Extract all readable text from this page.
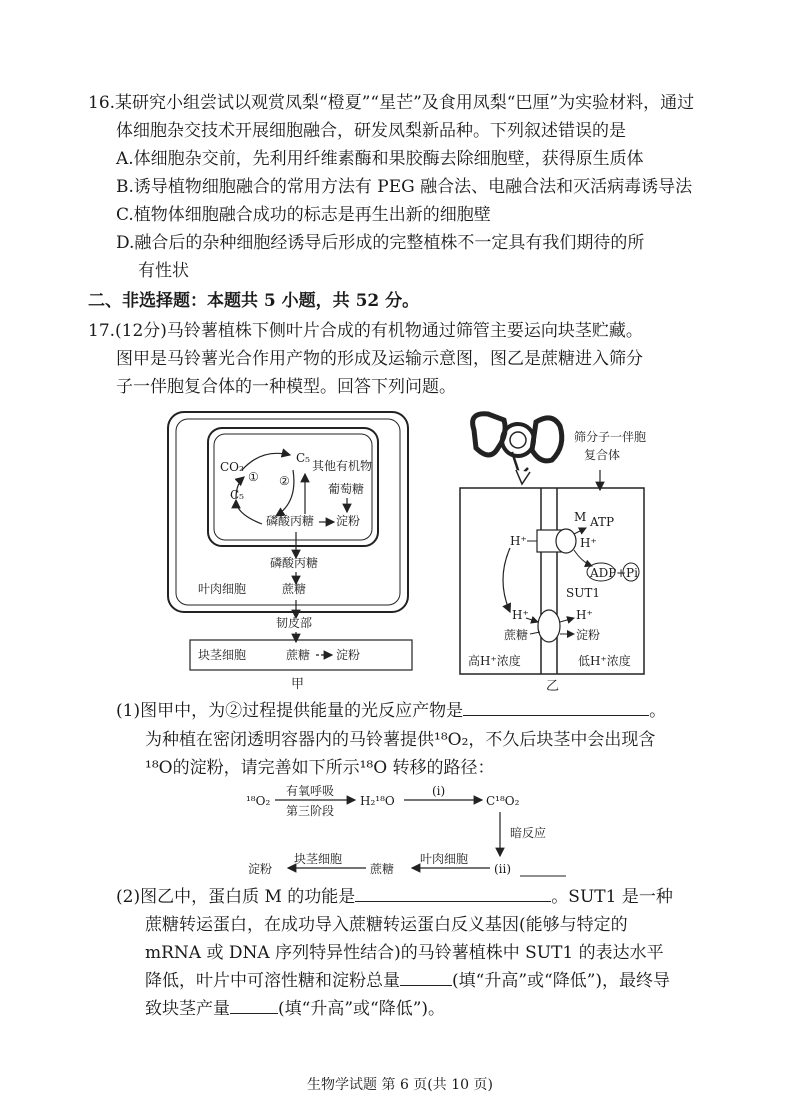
16.某研究小组尝试以观赏凤梨“橙夏”“星芒”及食用凤梨“巴厘”为实验材料，通过
体细胞杂交技术开展细胞融合，研发凤梨新品种。下列叙述错误的是
A.体细胞杂交前，先利用纤维素酶和果胶酶去除细胞壁，获得原生质体
B.诱导植物细胞融合的常用方法有 PEG 融合法、电融合法和灭活病毒诱导法
C.植物体细胞融合成功的标志是再生出新的细胞壁
D.融合后的杂种细胞经诱导后形成的完整植株不一定具有我们期待的所
有性状
二、非选择题：本题共 5 小题，共 52 分。
17.(12分)马铃薯植株下侧叶片合成的有机物通过筛管主要运向块茎贮藏。
图甲是马铃薯光合作用产物的形成及运输示意图，图乙是蔗糖进入筛分
子一伴胞复合体的一种模型。回答下列问题。
CO₂
C₅
C₅
① ②
其他有机物
葡萄糖
磷酸丙糖 淀粉
磷酸丙糖
叶肉细胞	蔗糖
韧皮部
块茎细胞	蔗糖 淀粉
甲
筛分子一伴胞
复合体
M ATP
H⁺	H⁺
ADP + Pi
SUT1
H⁺	H⁺
蔗糖	淀粉
高H⁺浓度	低H⁺浓度
乙
(1)图甲中，为②过程提供能量的光反应产物是	。
为种植在密闭透明容器内的马铃薯提供¹⁸O₂，不久后块茎中会出现含
¹⁸O的淀粉，请完善如下所示¹⁸O 转移的路径：
¹⁸O₂
有氧呼吸
第三阶段
H₂¹⁸O
(i)
C¹⁸O₂
暗反应
(ii)
叶肉细胞
蔗糖
块茎细胞
淀粉
(2)图乙中，蛋白质 M 的功能是	。SUT1 是一种
蔗糖转运蛋白，在成功导入蔗糖转运蛋白反义基因(能够与特定的
mRNA 或 DNA 序列特异性结合)的马铃薯植株中 SUT1 的表达水平
降低，叶片中可溶性糖和淀粉总量	(填“升高”或“降低”)，最终导
致块茎产量	(填“升高”或“降低”)。
生物学试题 第 6 页(共 10 页)
